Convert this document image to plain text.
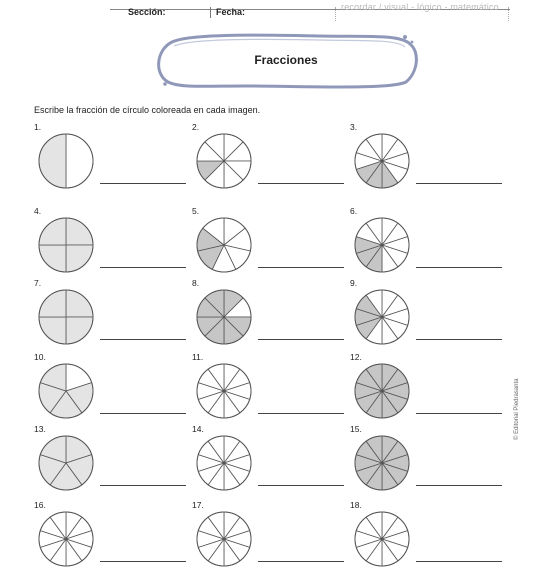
Sección:	Fecha:	recordar / visual - lógico - matemático
Fracciones
Escribe la fracción de círculo coloreada en cada imagen.
1.	2.	3.
4.	5.	6.
7.	8.	9.
10.	11.	12.
13.	14.	15.
16.	17.	18.
© Editorial Piedrasanta
